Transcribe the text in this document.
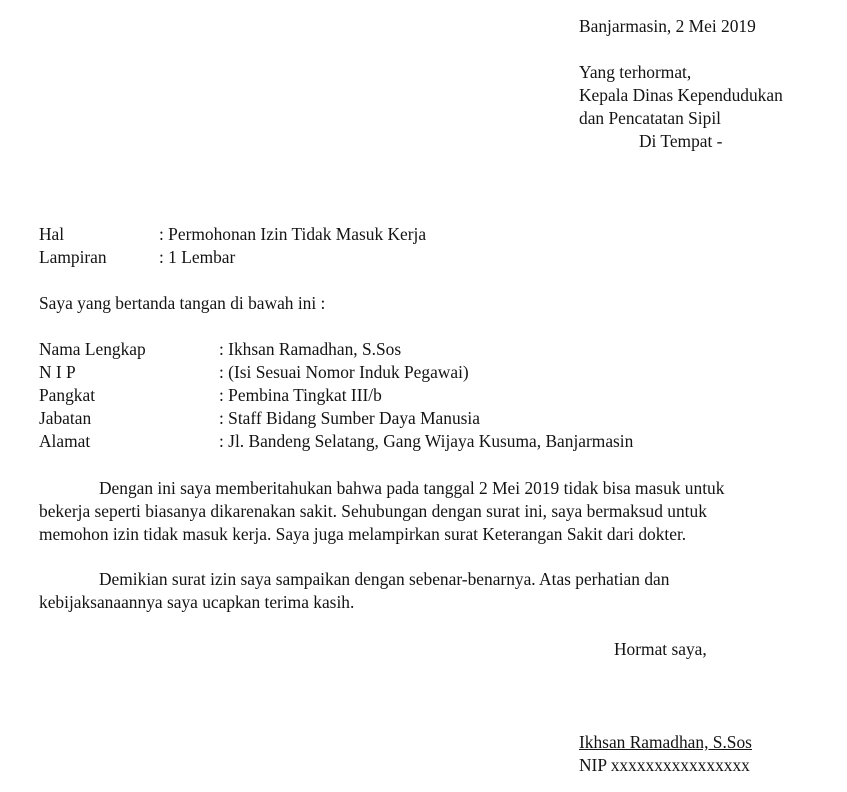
Banjarmasin, 2 Mei 2019
Yang terhormat,
Kepala Dinas Kependudukan
dan Pencatatan Sipil
Di Tempat -
Hal	: Permohonan Izin Tidak Masuk Kerja
Lampiran	: 1 Lembar
Saya yang bertanda tangan di bawah ini :
Nama Lengkap	: Ikhsan Ramadhan, S.Sos
N I P	: (Isi Sesuai Nomor Induk Pegawai)
Pangkat	: Pembina Tingkat III/b
Jabatan	: Staff Bidang Sumber Daya Manusia
Alamat	: Jl. Bandeng Selatang, Gang Wijaya Kusuma, Banjarmasin
Dengan ini saya memberitahukan bahwa pada tanggal 2 Mei 2019 tidak bisa masuk untuk
bekerja seperti biasanya dikarenakan sakit. Sehubungan dengan surat ini, saya bermaksud untuk
memohon izin tidak masuk kerja. Saya juga melampirkan surat Keterangan Sakit dari dokter.
Demikian surat izin saya sampaikan dengan sebenar-benarnya. Atas perhatian dan
kebijaksanaannya saya ucapkan terima kasih.
Hormat saya,
Ikhsan Ramadhan, S.Sos
NIP xxxxxxxxxxxxxxxx
